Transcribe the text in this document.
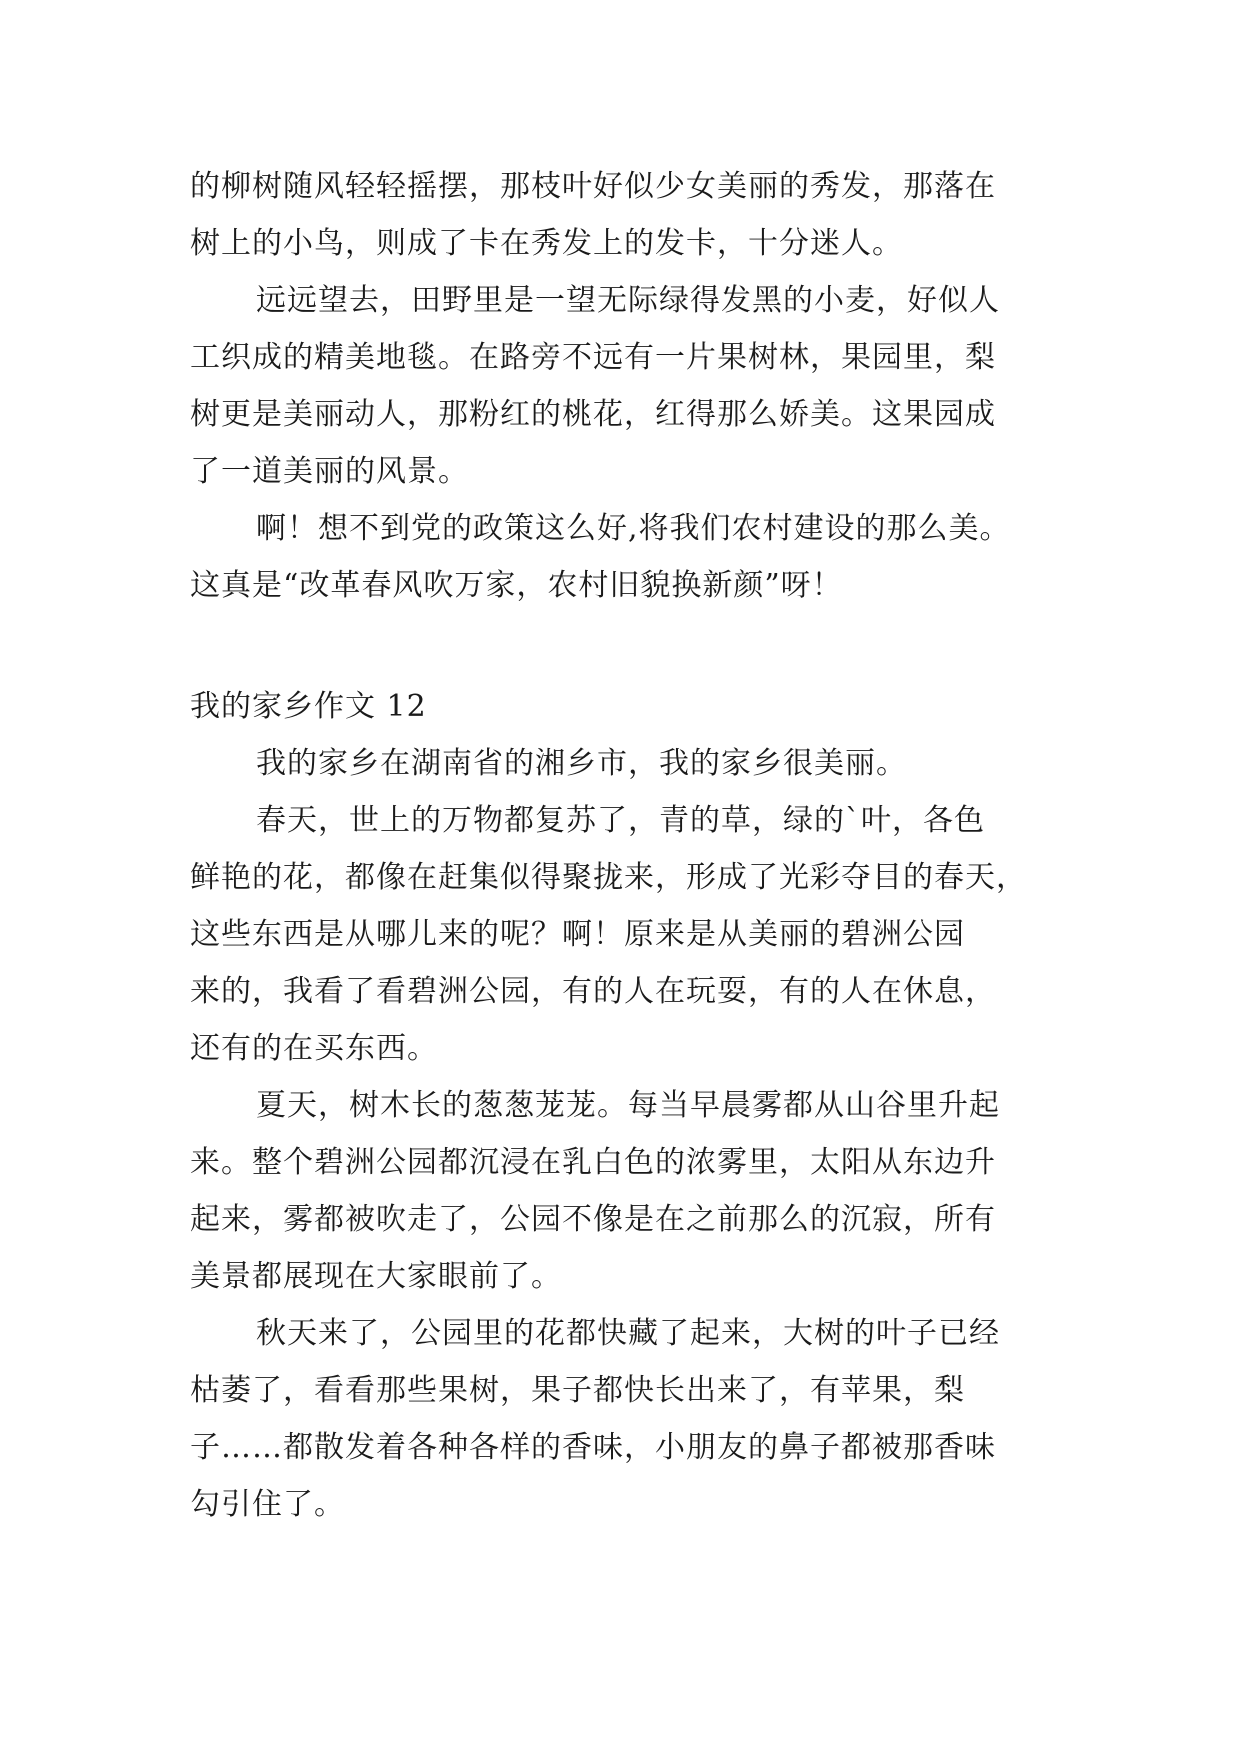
的柳树随风轻轻摇摆，那枝叶好似少女美丽的秀发，那落在
树上的小鸟，则成了卡在秀发上的发卡，十分迷人。
远远望去，田野里是一望无际绿得发黑的小麦，好似人
工织成的精美地毯。在路旁不远有一片果树林，果园里，梨
树更是美丽动人，那粉红的桃花，红得那么娇美。这果园成
了一道美丽的风景。
啊！想不到党的政策这么好,将我们农村建设的那么美。
这真是“改革春风吹万家，农村旧貌换新颜”呀！
我的家乡作文 12
我的家乡在湖南省的湘乡市，我的家乡很美丽。
春天，世上的万物都复苏了，青的草，绿的`叶，各色
鲜艳的花，都像在赶集似得聚拢来，形成了光彩夺目的春天，
这些东西是从哪儿来的呢？啊！原来是从美丽的碧洲公园
来的，我看了看碧洲公园，有的人在玩耍，有的人在休息，
还有的在买东西。
夏天，树木长的葱葱茏茏。每当早晨雾都从山谷里升起
来。整个碧洲公园都沉浸在乳白色的浓雾里，太阳从东边升
起来，雾都被吹走了，公园不像是在之前那么的沉寂，所有
美景都展现在大家眼前了。
秋天来了，公园里的花都快藏了起来，大树的叶子已经
枯萎了，看看那些果树，果子都快长出来了，有苹果，梨
子……都散发着各种各样的香味，小朋友的鼻子都被那香味
勾引住了。
